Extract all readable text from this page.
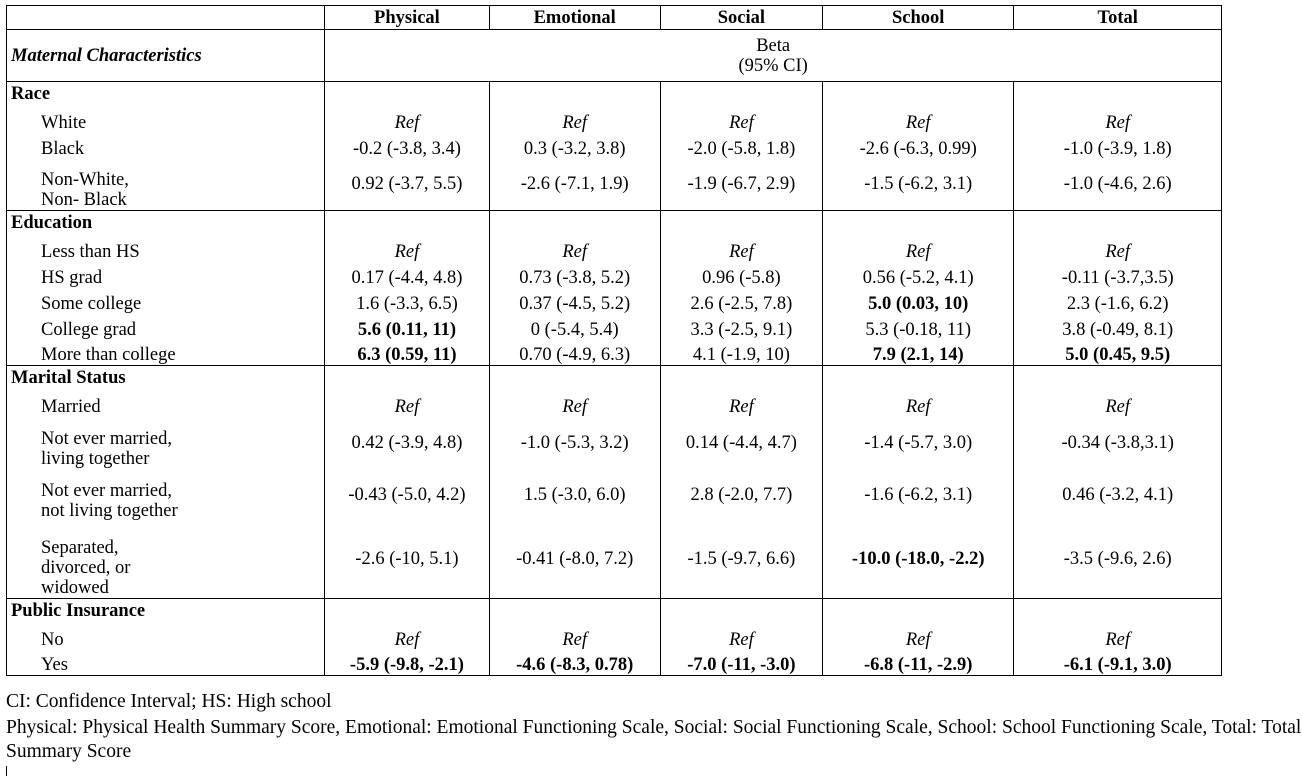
	Physical	Emotional	Social	School	Total
Maternal Characteristics	Beta
(95% CI)				

Race					

White	Ref	Ref	Ref	Ref	Ref

Black	-0.2 (-3.8, 3.4)	0.3 (-3.2, 3.8)	-2.0 (-5.8, 1.8)	-2.6 (-6.3, 0.99)	-1.0 (-3.9, 1.8)

Non-White,
Non- Black	0.92 (-3.7, 5.5)	-2.6 (-7.1, 1.9)	-1.9 (-6.7, 2.9)	-1.5 (-6.2, 3.1)	-1.0 (-4.6, 2.6)
Education					

Less than HS	Ref	Ref	Ref	Ref	Ref

HS grad	0.17 (-4.4, 4.8)	0.73 (-3.8, 5.2)	0.96 (-5.8)	0.56 (-5.2, 4.1)	-0.11 (-3.7,3.5)

Some college	1.6 (-3.3, 6.5)	0.37 (-4.5, 5.2)	2.6 (-2.5, 7.8)	5.0 (0.03, 10)	2.3 (-1.6, 6.2)

College grad	5.6 (0.11, 11)	0 (-5.4, 5.4)	3.3 (-2.5, 9.1)	5.3 (-0.18, 11)	3.8 (-0.49, 8.1)

More than college	6.3 (0.59, 11)	0.70 (-4.9, 6.3)	4.1 (-1.9, 10)	7.9 (2.1, 14)	5.0 (0.45, 9.5)
Marital Status					

Married	Ref	Ref	Ref	Ref	Ref

Not ever married,
living together	0.42 (-3.9, 4.8)	-1.0 (-5.3, 3.2)	0.14 (-4.4, 4.7)	-1.4 (-5.7, 3.0)	-0.34 (-3.8,3.1)

Not ever married,
not living together	-0.43 (-5.0, 4.2)	1.5 (-3.0, 6.0)	2.8 (-2.0, 7.7)	-1.6 (-6.2, 3.1)	0.46 (-3.2, 4.1)

Separated,
divorced, or
widowed	-2.6 (-10, 5.1)	-0.41 (-8.0, 7.2)	-1.5 (-9.7, 6.6)	-10.0 (-18.0, -2.2)	-3.5 (-9.6, 2.6)
Public Insurance					

No	Ref	Ref	Ref	Ref	Ref

Yes	-5.9 (-9.8, -2.1)	-4.6 (-8.3, 0.78)	-7.0 (-11, -3.0)	-6.8 (-11, -2.9)	-6.1 (-9.1, 3.0)
CI: Confidence Interval; HS: High school
Physical: Physical Health Summary Score, Emotional: Emotional Functioning Scale, Social: Social Functioning Scale, School: School Functioning Scale, Total: Total Summary Score
